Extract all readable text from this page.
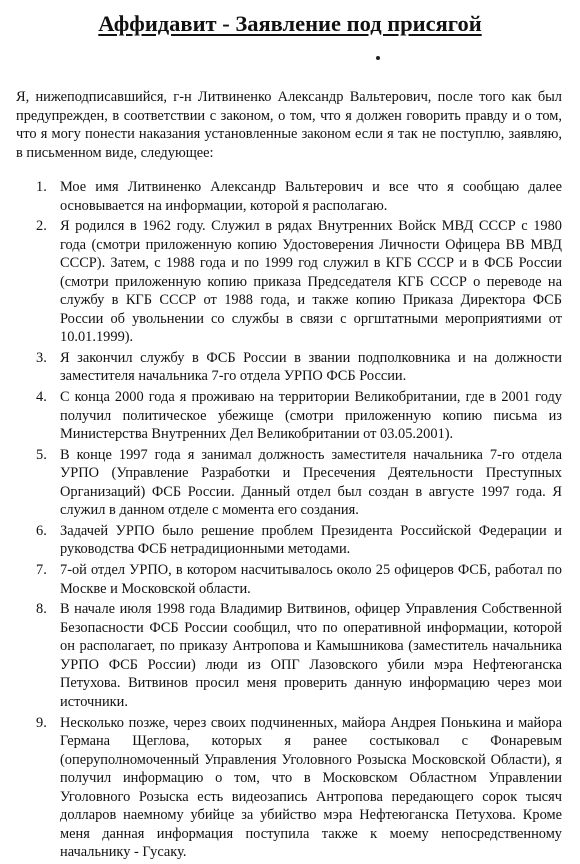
Аффидавит - Заявление под присягой

Я, нижеподписавшийся, г-н Литвиненко Александр Вальтерович, после того как был предупрежден, в соответствии с законом, о том, что я должен говорить правду и о том, что я могу понести наказания установленные законом если я так не поступлю, заявляю, в письменном виде, следующее:

1. Мое имя Литвиненко Александр Вальтерович и все что я сообщаю далее основывается на информации, которой я располагаю.
2. Я родился в 1962 году. Служил в рядах Внутренних Войск МВД СССР с 1980 года (смотри приложенную копию Удостоверения Личности Офицера ВВ МВД СССР). Затем, с 1988 года и по 1999 год служил в КГБ СССР и в ФСБ России (смотри приложенную копию приказа Председателя КГБ СССР о переводе на службу в КГБ СССР от 1988 года, и также копию Приказа Директора ФСБ России об увольнении со службы в связи с оргштатными мероприятиями от 10.01.1999).
3. Я закончил службу в ФСБ России в звании подполковника и на должности заместителя начальника 7-го отдела УРПО ФСБ России.
4. С конца 2000 года я проживаю на территории Великобритании, где в 2001 году получил политическое убежище (смотри приложенную копию письма из Министерства Внутренних Дел Великобритании от 03.05.2001).
5. В конце 1997 года я занимал должность заместителя начальника 7-го отдела УРПО (Управление Разработки и Пресечения Деятельности Преступных Организаций) ФСБ России. Данный отдел был создан в августе 1997 года. Я служил в данном отделе с момента его создания.
6. Задачей УРПО было решение проблем Президента Российской Федерации и руководства ФСБ нетрадиционными методами.
7. 7-ой отдел УРПО, в котором насчитывалось около 25 офицеров ФСБ, работал по Москве и Московской области.
8. В начале июля 1998 года Владимир Витвинов, офицер Управления Собственной Безопасности ФСБ России сообщил, что по оперативной информации, которой он располагает, по приказу Антропова и Камышникова (заместитель начальника УРПО ФСБ России) люди из ОПГ Лазовского убили мэра Нефтеюганска Петухова. Витвинов просил меня проверить данную информацию через мои источники.
9. Несколько позже, через своих подчиненных, майора Андрея Понькина и майора Германа Щеглова, которых я ранее состыковал с Фонаревым (оперуполномоченный Управления Уголовного Розыска Московской Области), я получил информацию о том, что в Московском Областном Управлении Уголовного Розыска есть видеозапись Антропова передающего сорок тысяч долларов наемному убийце за убийство мэра Нефтеюганска Петухова. Кроме меня данная информация поступила также к моему непосредственному начальнику - Гусаку.
